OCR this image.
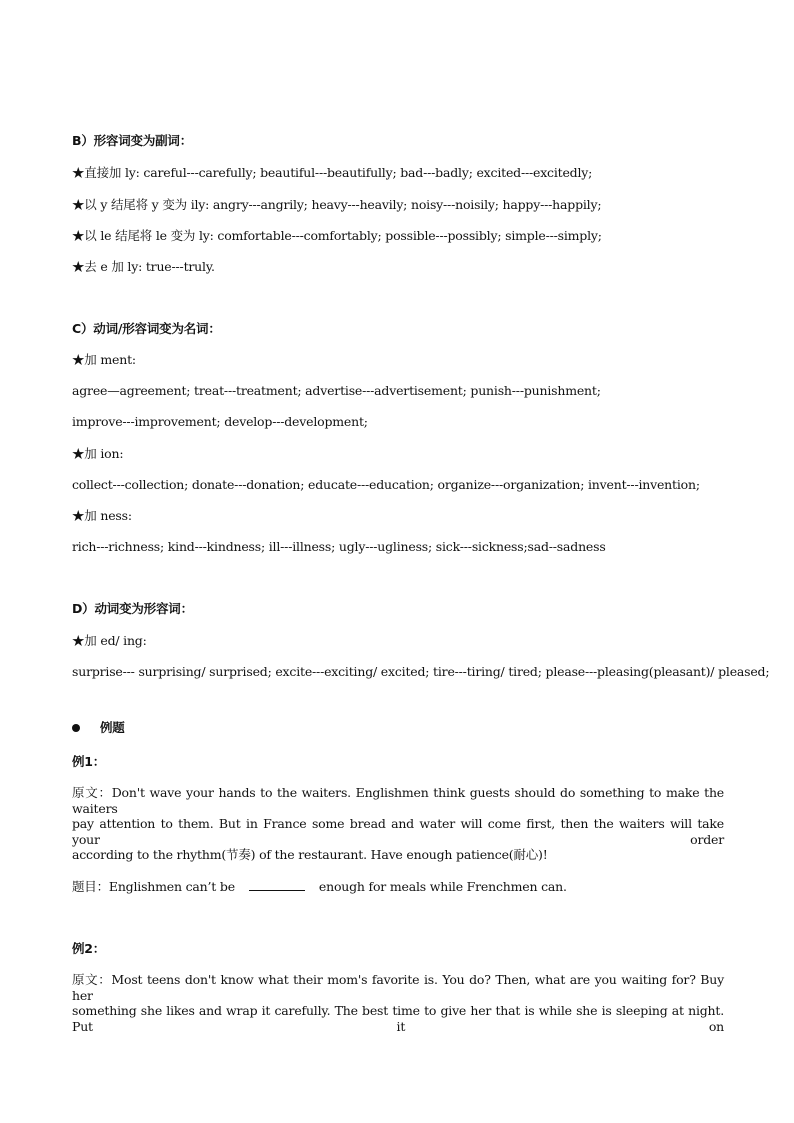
B）形容词变为副词：
★直接加 ly: careful---carefully; beautiful---beautifully; bad---badly; excited---excitedly;
★以 y 结尾将 y 变为 ily: angry---angrily; heavy---heavily; noisy---noisily; happy---happily;
★以 le 结尾将 le 变为 ly: comfortable---comfortably; possible---possibly; simple---simply;
★去 e 加 ly: true---truly.
C）动词/形容词变为名词：
★加 ment:
agree—agreement; treat---treatment; advertise---advertisement; punish---punishment;
improve---improvement; develop---development;
★加 ion:
collect---collection; donate---donation; educate---education; organize---organization; invent---invention;
★加 ness:
rich---richness; kind---kindness; ill---illness; ugly---ugliness; sick---sickness;sad--sadness
D）动词变为形容词：
★加 ed/ ing:
surprise--- surprising/ surprised; excite---exciting/ excited; tire---tiring/ tired; please---pleasing(pleasant)/ pleased;
例题
例1：
原文：Don't wave your hands to the waiters. Englishmen think guests should do something to make the waiters
pay attention to them. But in France some bread and water will come first, then the waiters will take your order
according to the rhythm(节奏) of the restaurant. Have enough patience(耐心)!
题目：Englishmen can’t be	enough for meals while Frenchmen can.
例2：
原文：Most teens don't know what their mom's favorite is. You do? Then, what are you waiting for? Buy her
something she likes and wrap it carefully. The best time to give her that is while she is sleeping at night. Put it on
